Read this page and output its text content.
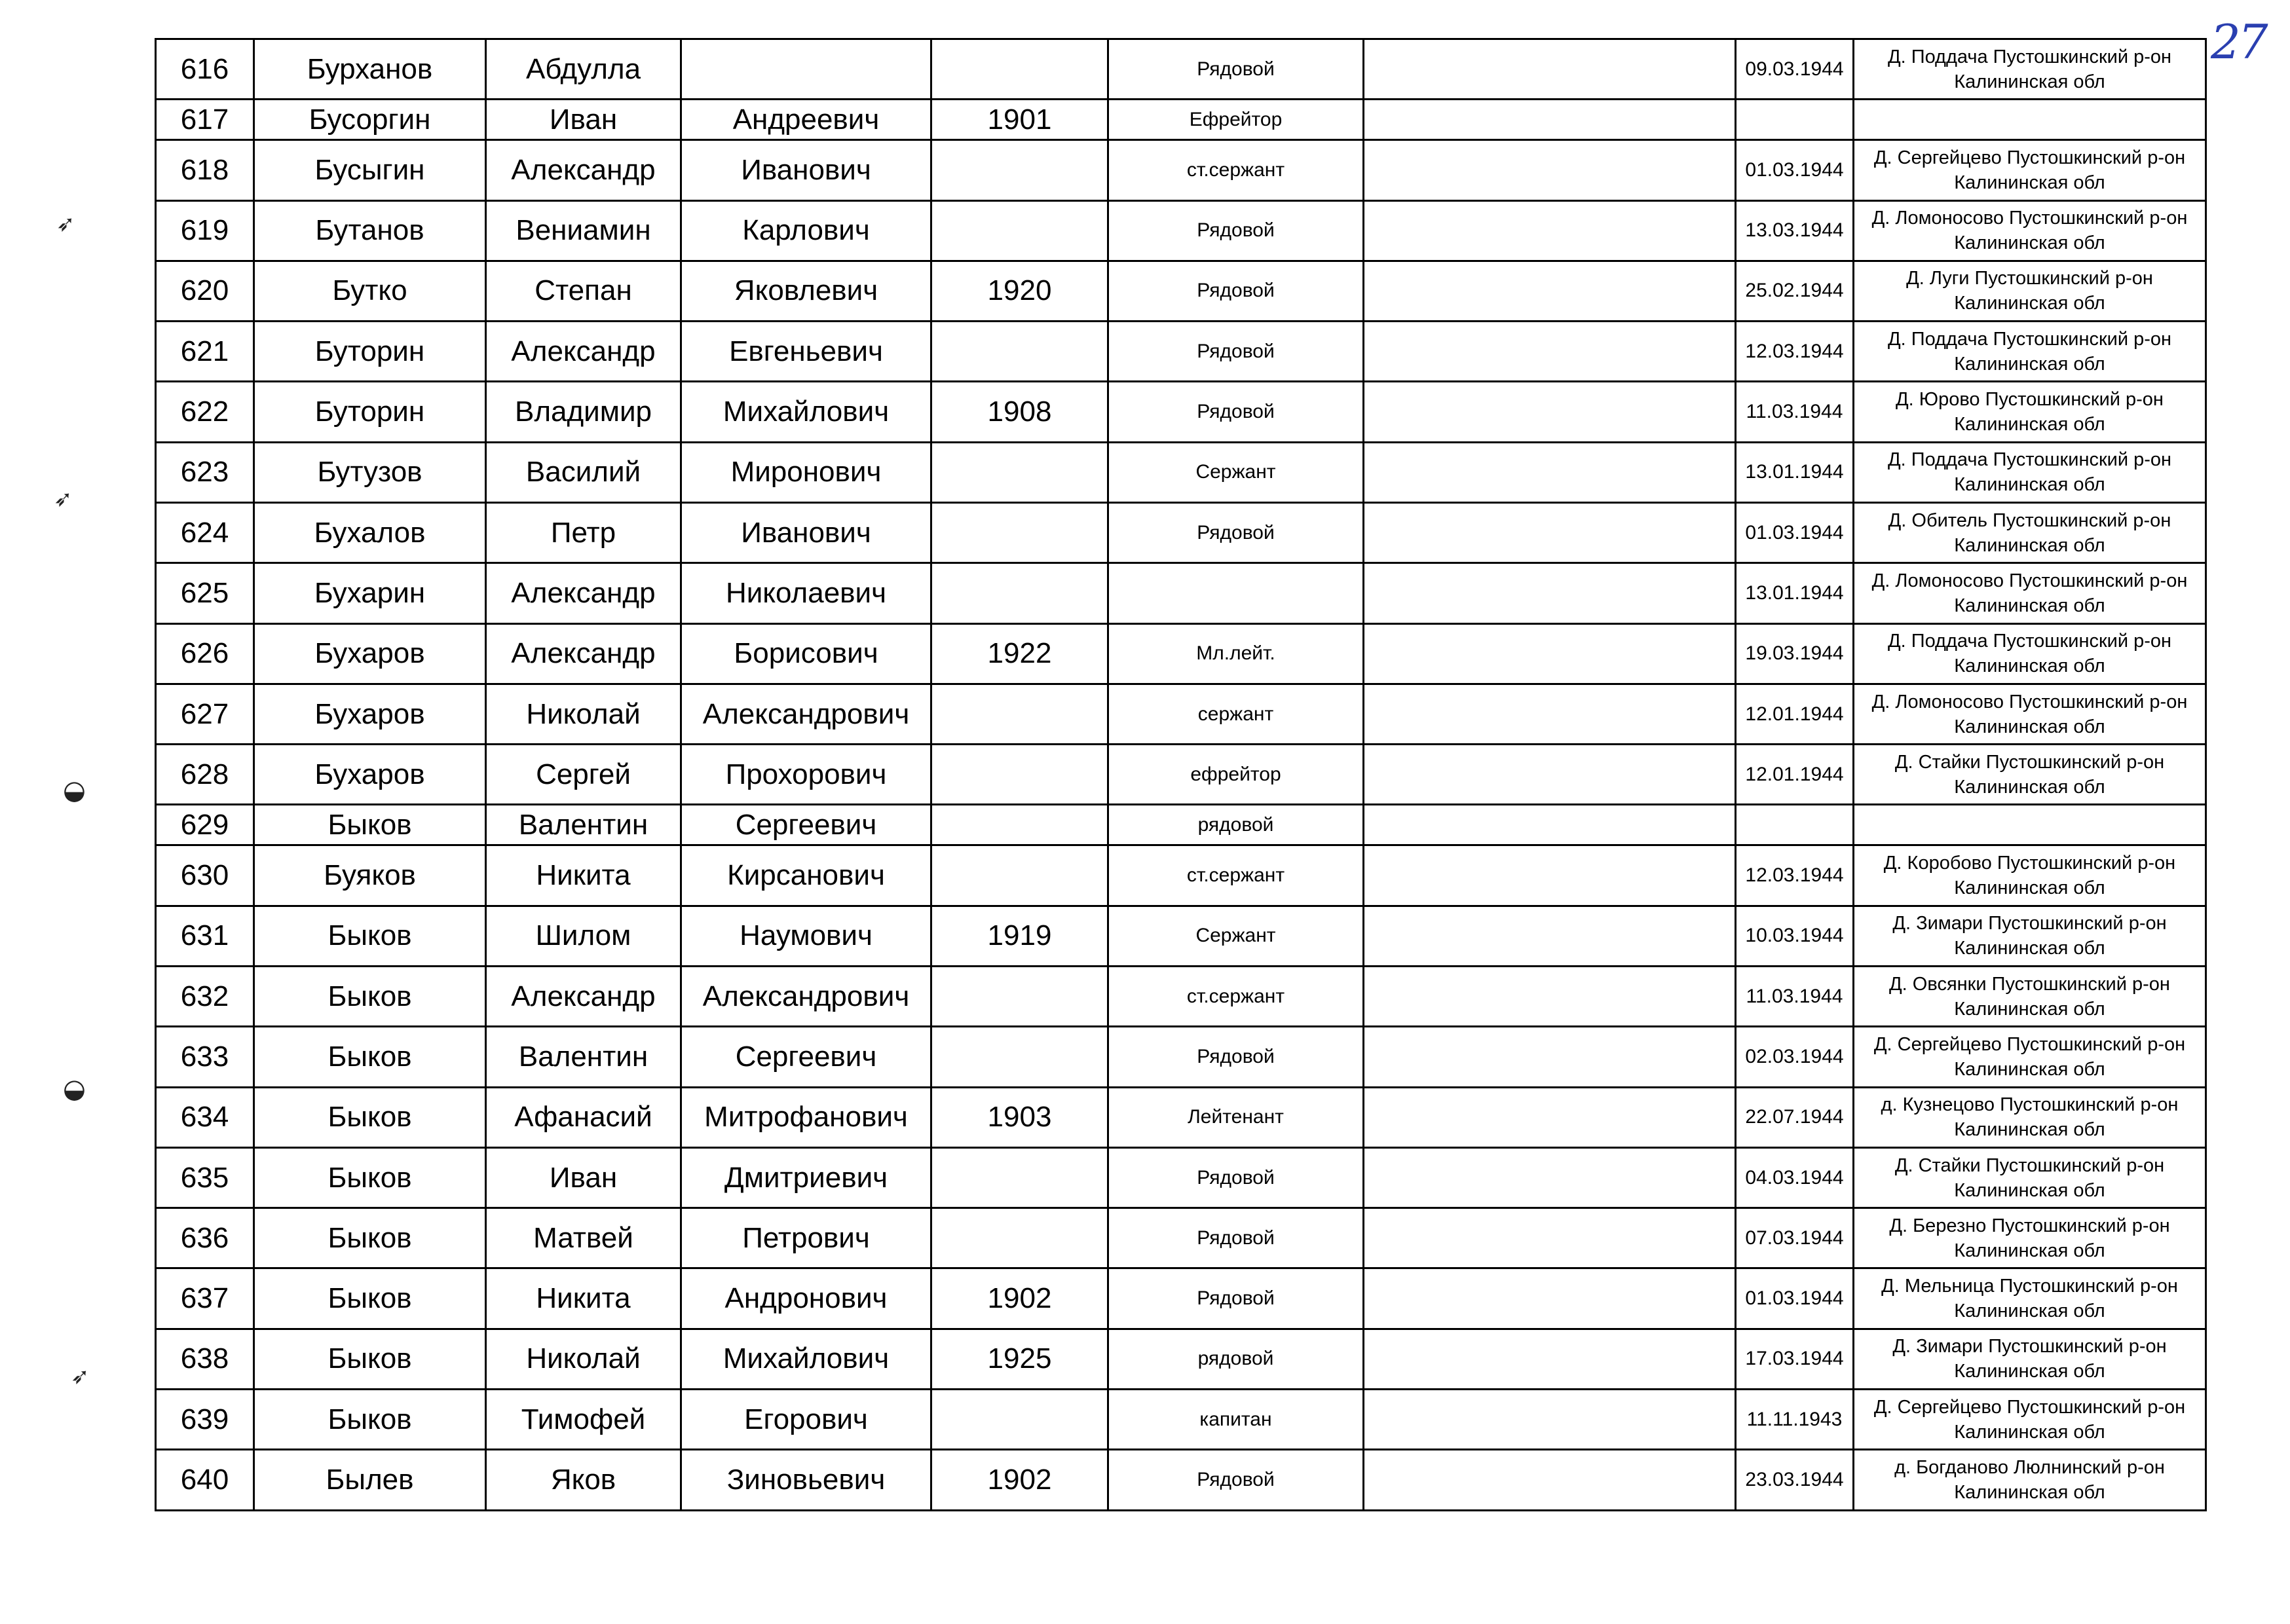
27
➶
➶
◒
◒
➶
616	Бурханов	Абдулла			Рядовой		09.03.1944	Д. Поддача Пустошкинский р-он
Калининская обл

617	Бусоргин	Иван	Андреевич	1901	Ефрейтор			

618	Бусыгин	Александр	Иванович		ст.сержант		01.03.1944	Д. Сергейцево Пустошкинский р-он
Калининская обл

619	Бутанов	Вениамин	Карлович		Рядовой		13.03.1944	Д. Ломоносово Пустошкинский р-он
Калининская обл

620	Бутко	Степан	Яковлевич	1920	Рядовой		25.02.1944	Д. Луги Пустошкинский р-он
Калининская обл

621	Буторин	Александр	Евгеньевич		Рядовой		12.03.1944	Д. Поддача Пустошкинский р-он
Калининская обл

622	Буторин	Владимир	Михайлович	1908	Рядовой		11.03.1944	Д. Юрово Пустошкинский р-он
Калининская обл

623	Бутузов	Василий	Миронович		Сержант		13.01.1944	Д. Поддача Пустошкинский р-он
Калининская обл

624	Бухалов	Петр	Иванович		Рядовой		01.03.1944	Д. Обитель Пустошкинский р-он
Калининская обл

625	Бухарин	Александр	Николаевич				13.01.1944	Д. Ломоносово Пустошкинский р-он
Калининская обл

626	Бухаров	Александр	Борисович	1922	Мл.лейт.		19.03.1944	Д. Поддача Пустошкинский р-он
Калининская обл

627	Бухаров	Николай	Александрович		сержант		12.01.1944	Д. Ломоносово Пустошкинский р-он
Калининская обл

628	Бухаров	Сергей	Прохорович		ефрейтор		12.01.1944	Д. Стайки Пустошкинский р-он
Калининская обл

629	Быков	Валентин	Сергеевич		рядовой			

630	Буяков	Никита	Кирсанович		ст.сержант		12.03.1944	Д. Коробово Пустошкинский р-он
Калининская обл

631	Быков	Шилом	Наумович	1919	Сержант		10.03.1944	Д. Зимари Пустошкинский р-он
Калининская обл

632	Быков	Александр	Александрович		ст.сержант		11.03.1944	Д. Овсянки Пустошкинский р-он
Калининская обл

633	Быков	Валентин	Сергеевич		Рядовой		02.03.1944	Д. Сергейцево Пустошкинский р-он
Калининская обл

634	Быков	Афанасий	Митрофанович	1903	Лейтенант		22.07.1944	д. Кузнецово Пустошкинский р-он
Калининская обл

635	Быков	Иван	Дмитриевич		Рядовой		04.03.1944	Д. Стайки Пустошкинский р-он
Калининская обл

636	Быков	Матвей	Петрович		Рядовой		07.03.1944	Д. Березно Пустошкинский р-он
Калининская обл

637	Быков	Никита	Андронович	1902	Рядовой		01.03.1944	Д. Мельница Пустошкинский р-он
Калининская обл

638	Быков	Николай	Михайлович	1925	рядовой		17.03.1944	Д. Зимари Пустошкинский р-он
Калининская обл

639	Быков	Тимофей	Егорович		капитан		11.11.1943	Д. Сергейцево Пустошкинский р-он
Калининская обл

640	Былев	Яков	Зиновьевич	1902	Рядовой		23.03.1944	д. Богданово Люлнинский р-он
Калининская обл
